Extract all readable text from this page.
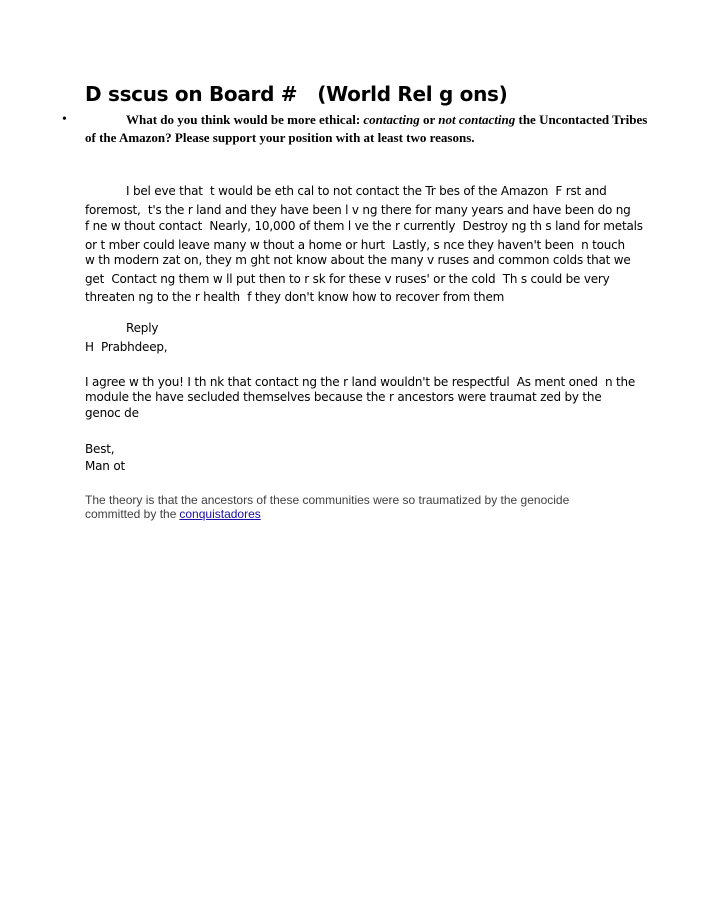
D sscus on Board #   (World Rel g ons)
•	What do you think would be more ethical: contacting or not contacting the Uncontacted Tribes of the Amazon? Please support your position with at least two reasons.
I bel eve that  t would be eth cal to not contact the Tr bes of the Amazon  F rst and
foremost,  t's the r land and they have been l v ng there for many years and have been do ng
f ne w thout contact  Nearly, 10,000 of them l ve the r currently  Destroy ng th s land for metals
or t mber could leave many w thout a home or hurt  Lastly, s nce they haven't been  n touch
w th modern zat on, they m ght not know about the many v ruses and common colds that we
get  Contact ng them w ll put then to r sk for these v ruses' or the cold  Th s could be very
threaten ng to the r health  f they don't know how to recover from them
Reply
H  Prabhdeep,
I agree w th you! I th nk that contact ng the r land wouldn't be respectful  As ment oned  n the
module the have secluded themselves because the r ancestors were traumat zed by the
genoc de
Best,
Man ot
The theory is that the ancestors of these communities were so traumatized by the genocide committed by the conquistadores
